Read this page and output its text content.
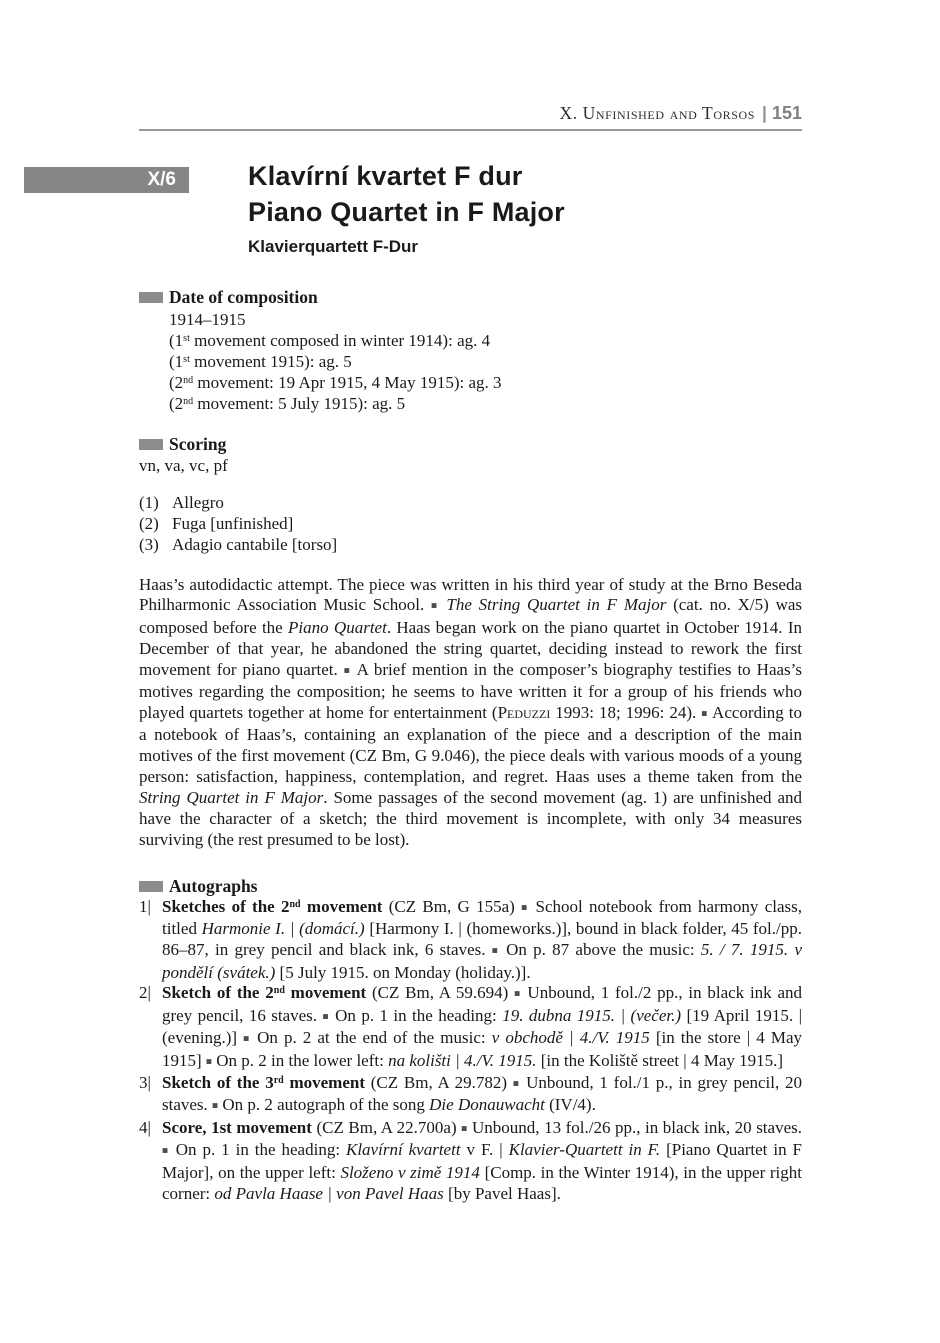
X. Unfinished and Torsos | 151
X/6	Klavírní kvartet F dur
Piano Quartet in F Major
Klavierquartett F-Dur
Date of composition
1914–1915
(1st movement composed in winter 1914): ag. 4
(1st movement 1915): ag. 5
(2nd movement: 19 Apr 1915, 4 May 1915): ag. 3
(2nd movement: 5 July 1915): ag. 5
Scoring
vn, va, vc, pf
(1) Allegro
(2) Fuga [unfinished]
(3) Adagio cantabile [torso]

Haas’s autodidactic attempt. The piece was written in his third year of study at the Brno Beseda Philharmonic Association Music School. ■ The String Quartet in F Major (cat. no. X/5) was composed before the Piano Quartet. Haas began work on the piano quartet in October 1914. In December of that year, he abandoned the string quartet, deciding instead to rework the first movement for piano quartet. ■ A brief mention in the composer’s biography testifies to Haas’s motives regarding the composition; he seems to have written it for a group of his friends who played quartets together at home for entertainment (Peduzzi 1993: 18; 1996: 24). ■ According to a notebook of Haas’s, containing an explanation of the piece and a description of the main motives of the first movement (CZ Bm, G 9.046), the piece deals with various moods of a young person: satisfaction, happiness, contemplation, and regret. Haas uses a theme taken from the String Quartet in F Major. Some passages of the second movement (ag. 1) are unfinished and have the character of a sketch; the third movement is incomplete, with only 34 measures surviving (the rest presumed to be lost).

Autographs
1| Sketches of the 2nd movement (CZ Bm, G 155a) ■ School notebook from harmony class, titled Harmonie I. | (domácí.) [Harmony I. | (homeworks.)], bound in black folder, 45 fol./pp. 86–87, in grey pencil and black ink, 6 staves. ■ On p. 87 above the music: 5. / 7. 1915. v pondělí (svátek.) [5 July 1915. on Monday (holiday.)].
2| Sketch of the 2nd movement (CZ Bm, A 59.694) ■ Unbound, 1 fol./2 pp., in black ink and grey pencil, 16 staves. ■ On p. 1 in the heading: 19. dubna 1915. | (večer.) [19 April 1915. | (evening.)] ■ On p. 2 at the end of the music: v obchodě | 4./V. 1915 [in the store | 4 May 1915] ■ On p. 2 in the lower left: na kolišti | 4./V. 1915. [in the Koliště street | 4 May 1915.]
3| Sketch of the 3rd movement (CZ Bm, A 29.782) ■ Unbound, 1 fol./1 p., in grey pencil, 20 staves. ■ On p. 2 autograph of the song Die Donauwacht (IV/4).
4| Score, 1st movement (CZ Bm, A 22.700a) ■ Unbound, 13 fol./26 pp., in black ink, 20 staves. ■ On p. 1 in the heading: Klavírní kvartett v F. | Klavier-Quartett in F. [Piano Quartet in F Major], on the upper left: Složeno v zimě 1914 [Comp. in the Winter 1914), in the upper right corner: od Pavla Haase | von Pavel Haas [by Pavel Haas].
